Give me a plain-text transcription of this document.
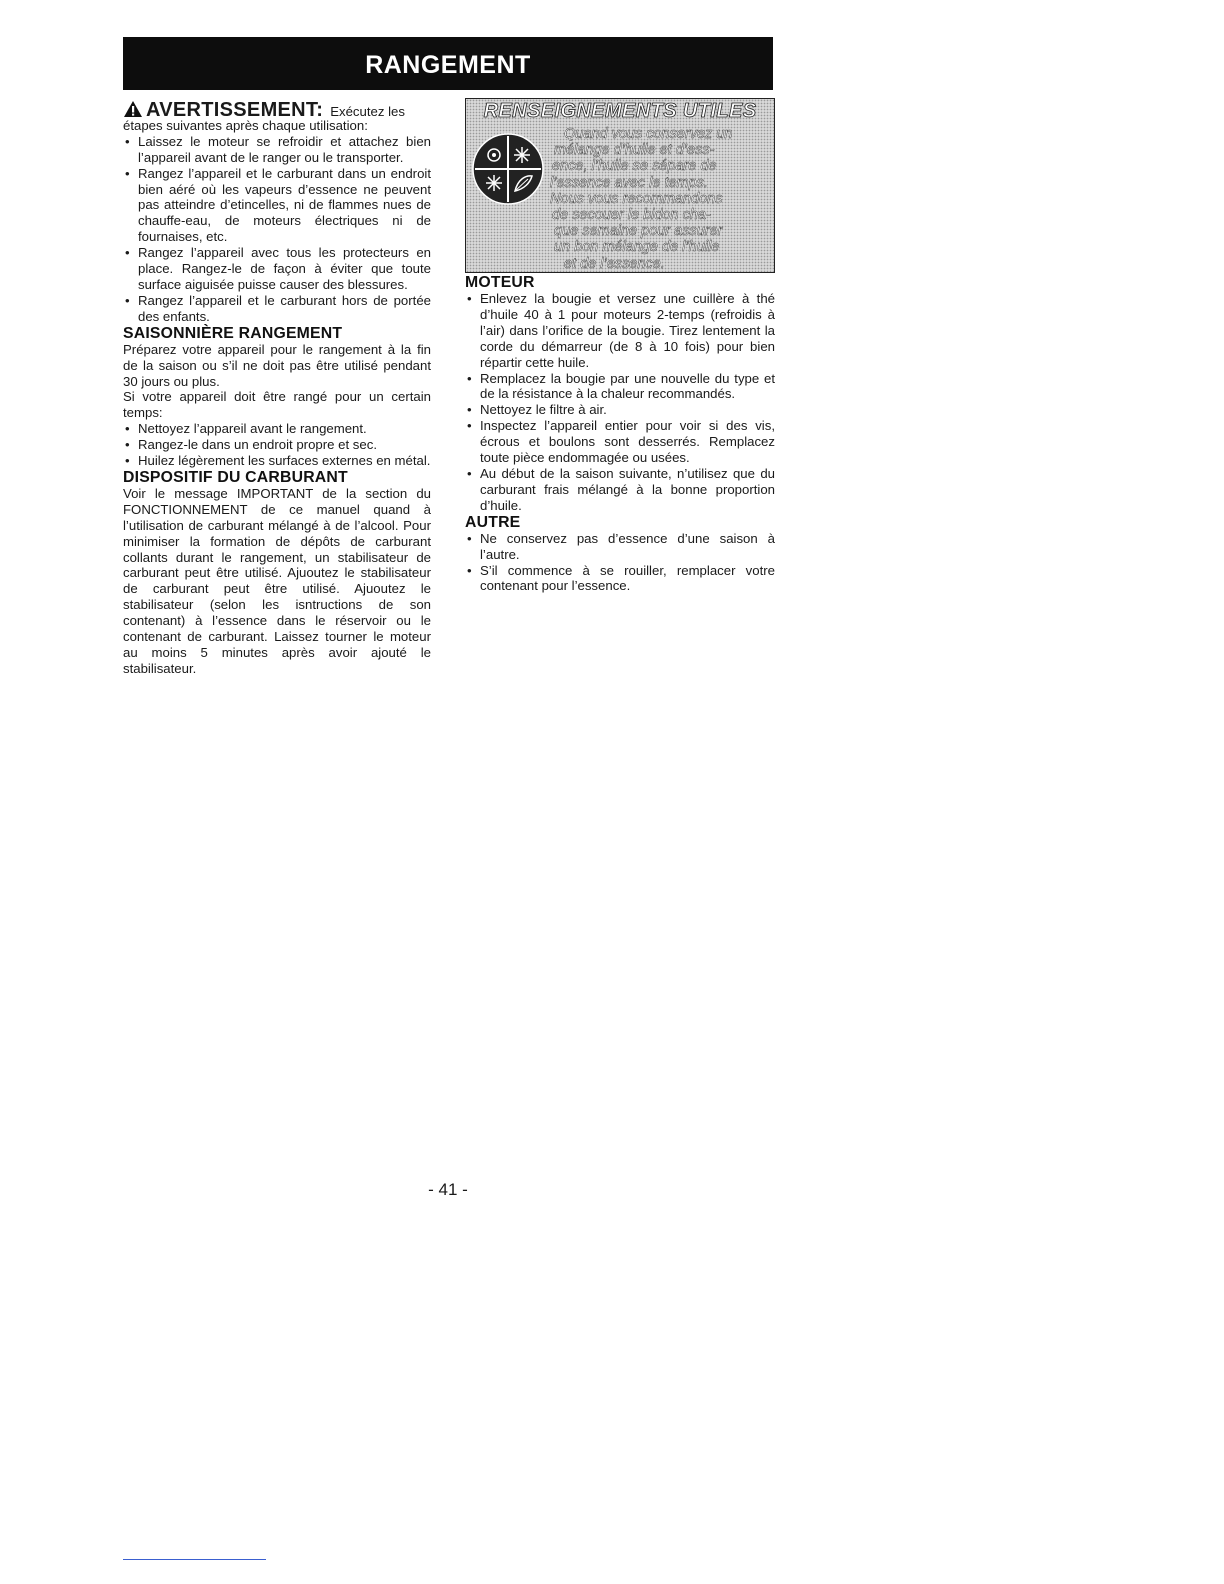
RANGEMENT
AVERTISSEMENT: Exécutez les

étapes suivantes après chaque utilisation:

• Laissez le moteur se refroidir et attachez bien l’appareil avant de le ranger ou le transporter.
• Rangez l’appareil et le carburant dans un endroit bien aéré où les vapeurs d’essence ne peuvent pas atteindre d’etincelles, ni de flammes nues de chauffe-eau, de moteurs électriques ni de fournaises, etc.
• Rangez l’appareil avec tous les protecteurs en place. Rangez-le de façon à éviter que toute surface aiguisée puisse causer des blessures.
• Rangez l’appareil et le carburant hors de portée des enfants.
SAISONNIÈRE RANGEMENT

Préparez votre appareil pour le rangement à la fin de la saison ou s’il ne doit pas être utilisé pendant 30 jours ou plus.

Si votre appareil doit être rangé pour un certain temps:

• Nettoyez l’appareil avant le rangement.
• Rangez-le dans un endroit propre et sec.
• Huilez légèrement les surfaces externes en métal.
DISPOSITIF DU CARBURANT

Voir le message IMPORTANT de la section du FONCTIONNEMENT de ce manuel quand à l’utilisation de carburant mélangé à de l’alcool. Pour minimiser la formation de dépôts de carburant collants durant le rangement, un stabilisateur de carburant peut être utilisé. Ajuoutez le stabilisateur de carburant peut être utilisé. Ajuoutez le stabilisateur (selon les isntructions de son contenant) à l’essence dans le réservoir ou le contenant de carburant. Laissez tourner le moteur au moins 5 minutes après avoir ajouté le stabilisateur.

RENSEIGNEMENTS UTILES
Quand vous conservez un
mélange d’huile et d’ess-
ence, l’huile se sépare de
l’essence avec le temps.
Nous vous recommandons
de secouer le bidon cha-
que semaine pour assurer
un bon mélange de l’huile
et de l’essence.
MOTEUR
• Enlevez la bougie et versez une cuillère à thé d’huile 40 à 1 pour moteurs 2-temps (refroidis à l’air) dans l’orifice de la bougie. Tirez lentement la corde du démarreur (de 8 à 10 fois) pour bien répartir cette huile.
• Remplacez la bougie par une nouvelle du type et de la résistance à la chaleur recommandés.
• Nettoyez le filtre à air.
• Inspectez l’appareil entier pour voir si des vis, écrous et boulons sont desserrés. Remplacez toute pièce endommagée ou usées.
• Au début de la saison suivante, n’utilisez que du carburant frais mélangé à la bonne proportion d’huile.
AUTRE
• Ne conservez pas d’essence d’une saison à l’autre.
• S’il commence à se rouiller, remplacer votre contenant pour l’essence.
- 41 -
